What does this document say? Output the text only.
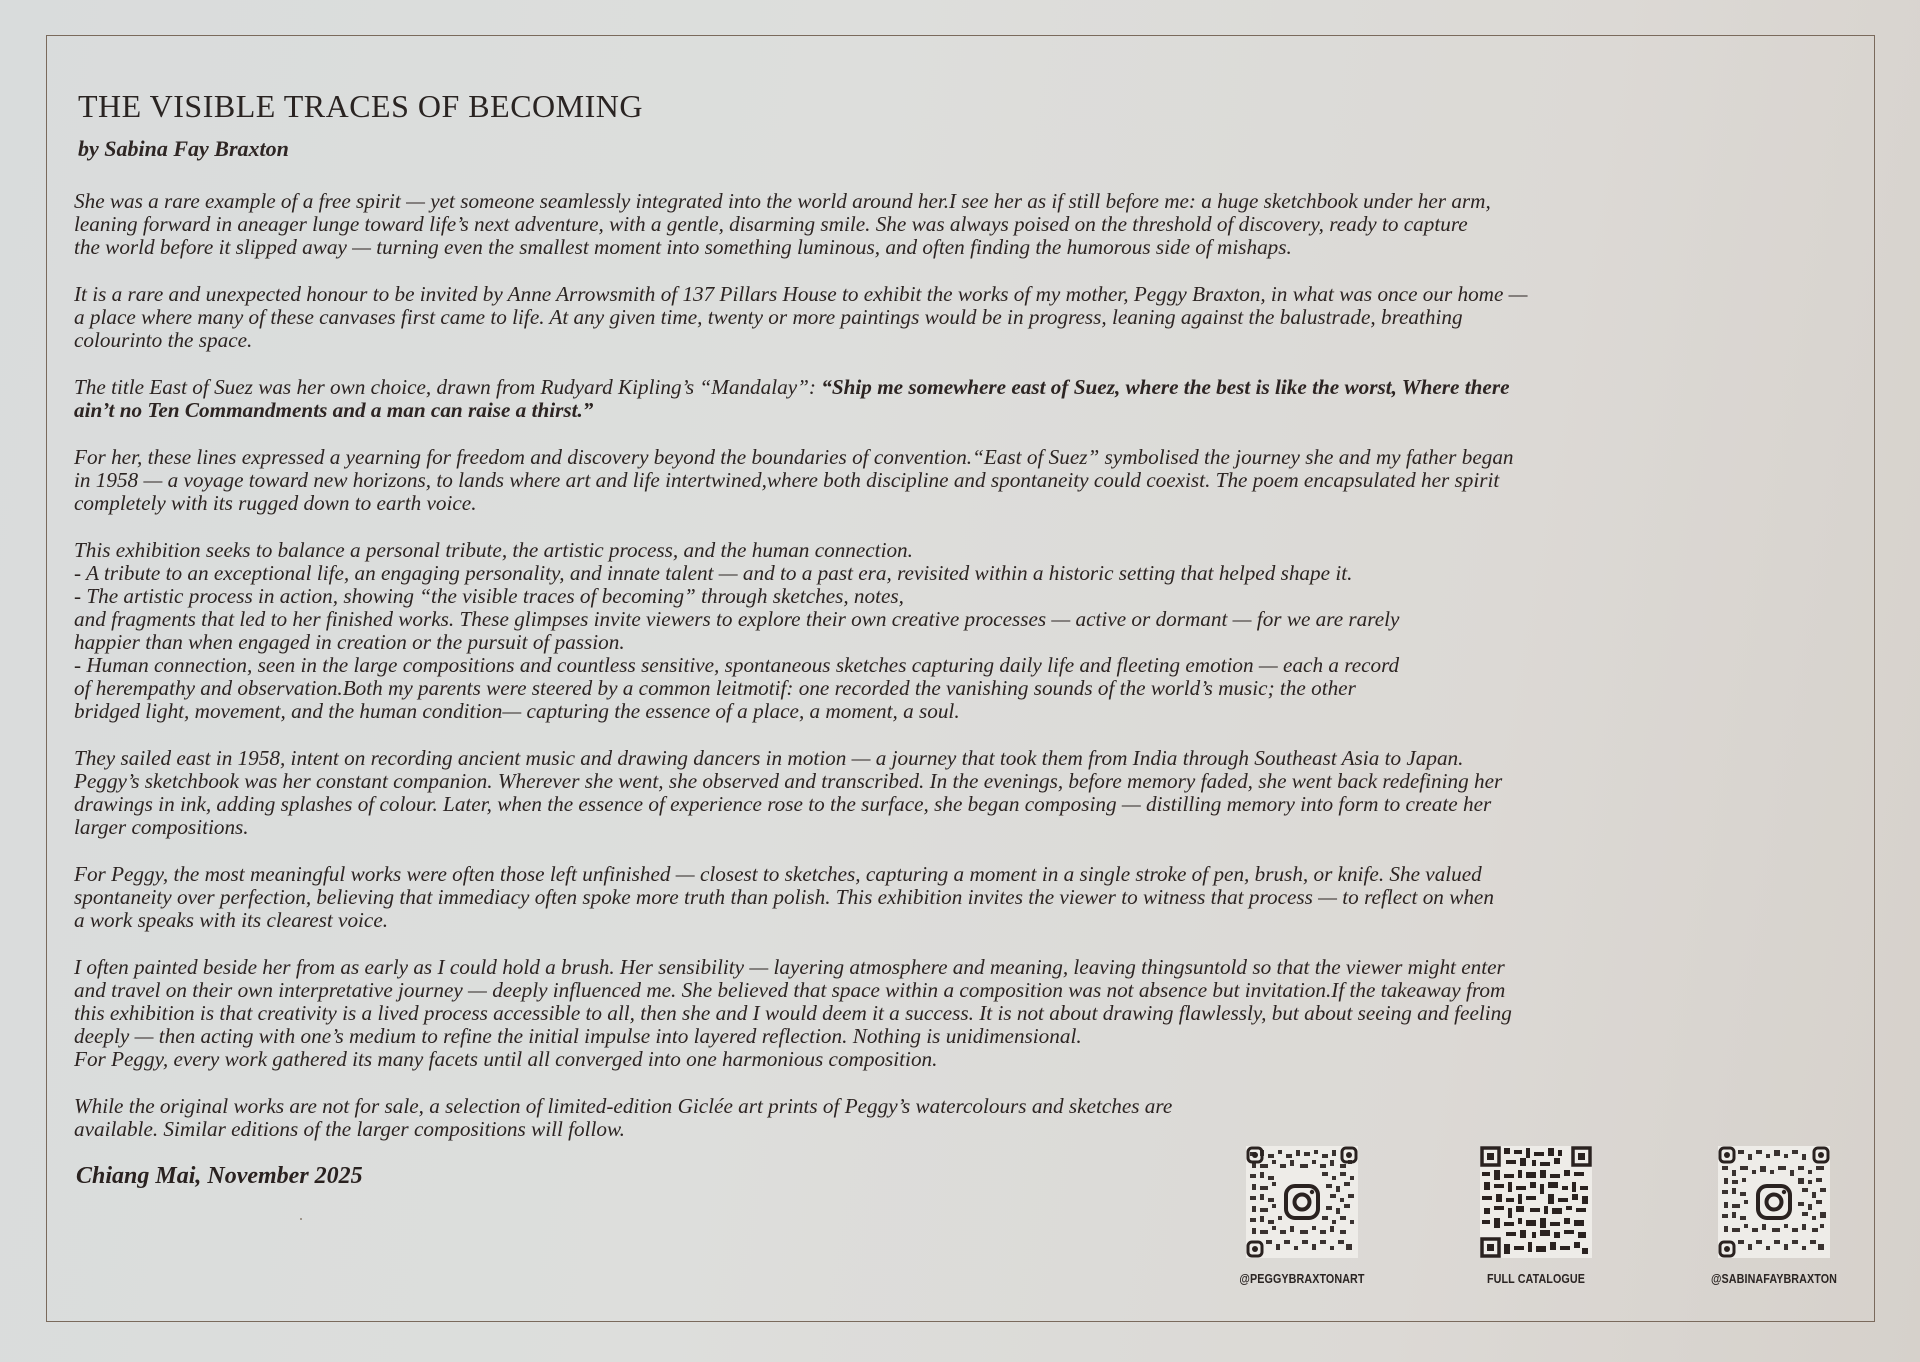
THE VISIBLE TRACES OF BECOMING

by Sabina Fay Braxton

She was a rare example of a free spirit — yet someone seamlessly integrated into the world around her.I see her as if still before me: a huge sketchbook under her arm,
leaning forward in aneager lunge toward life’s next adventure, with a gentle, disarming smile. She was always poised on the threshold of discovery, ready to capture
the world before it slipped away — turning even the smallest moment into something luminous, and often finding the humorous side of mishaps.

It is a rare and unexpected honour to be invited by Anne Arrowsmith of 137 Pillars House to exhibit the works of my mother, Peggy Braxton, in what was once our home —
a place where many of these canvases first came to life. At any given time, twenty or more paintings would be in progress, leaning against the balustrade, breathing
colourinto the space.

The title East of Suez was her own choice, drawn from Rudyard Kipling’s “Mandalay”: “Ship me somewhere east of Suez, where the best is like the worst, Where there
ain’t no Ten Commandments and a man can raise a thirst.”

For her, these lines expressed a yearning for freedom and discovery beyond the boundaries of convention.“East of Suez” symbolised the journey she and my father began
in 1958 — a voyage toward new horizons, to lands where art and life intertwined,where both discipline and spontaneity could coexist. The poem encapsulated her spirit
completely with its rugged down to earth voice.

This exhibition seeks to balance a personal tribute, the artistic process, and the human connection.
- A tribute to an exceptional life, an engaging personality, and innate talent — and to a past era, revisited within a historic setting that helped shape it.
- The artistic process in action, showing “the visible traces of becoming” through sketches, notes,
and fragments that led to her finished works. These glimpses invite viewers to explore their own creative processes — active or dormant — for we are rarely
happier than when engaged in creation or the pursuit of passion.
- Human connection, seen in the large compositions and countless sensitive, spontaneous sketches capturing daily life and fleeting emotion — each a record
of herempathy and observation.Both my parents were steered by a common leitmotif: one recorded the vanishing sounds of the world’s music; the other
bridged light, movement, and the human condition— capturing the essence of a place, a moment, a soul.

They sailed east in 1958, intent on recording ancient music and drawing dancers in motion — a journey that took them from India through Southeast Asia to Japan.
Peggy’s sketchbook was her constant companion. Wherever she went, she observed and transcribed. In the evenings, before memory faded, she went back redefining her
drawings in ink, adding splashes of colour. Later, when the essence of experience rose to the surface, she began composing — distilling memory into form to create her
larger compositions.

For Peggy, the most meaningful works were often those left unfinished — closest to sketches, capturing a moment in a single stroke of pen, brush, or knife. She valued
spontaneity over perfection, believing that immediacy often spoke more truth than polish. This exhibition invites the viewer to witness that process — to reflect on when
a work speaks with its clearest voice.

I often painted beside her from as early as I could hold a brush. Her sensibility — layering atmosphere and meaning, leaving thingsuntold so that the viewer might enter
and travel on their own interpretative journey — deeply influenced me. She believed that space within a composition was not absence but invitation.If the takeaway from
this exhibition is that creativity is a lived process accessible to all, then she and I would deem it a success. It is not about drawing flawlessly, but about seeing and feeling
deeply — then acting with one’s medium to refine the initial impulse into layered reflection. Nothing is unidimensional.
For Peggy, every work gathered its many facets until all converged into one harmonious composition.

While the original works are not for sale, a selection of limited-edition Giclée art prints of Peggy’s watercolours and sketches are
available. Similar editions of the larger compositions will follow.

Chiang Mai, November 2025

@PEGGYBRAXTONART	FULL CATALOGUE	@SABINAFAYBRAXTON
